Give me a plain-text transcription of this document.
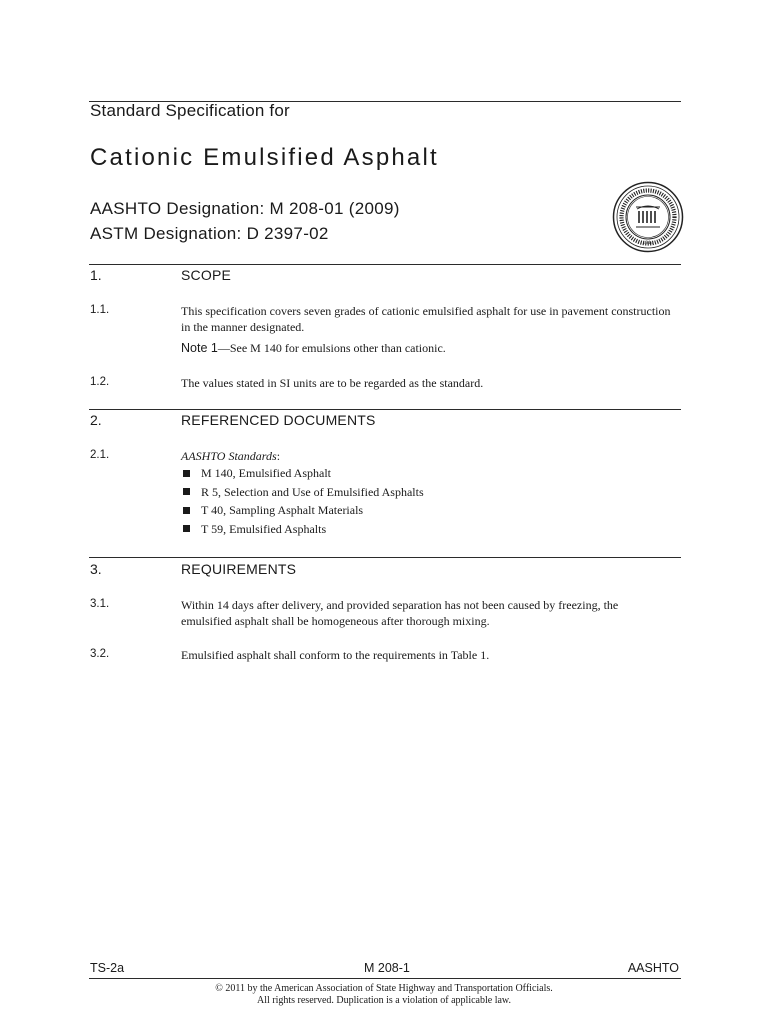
Standard Specification for
Cationic Emulsified Asphalt
AASHTO Designation: M 208-01 (2009)
ASTM Designation: D 2397-02	1914
1.	SCOPE
1.1.	This specification covers seven grades of cationic emulsified asphalt for use in pavement construction in the manner designated.
Note 1—See M 140 for emulsions other than cationic.
1.2.	The values stated in SI units are to be regarded as the standard.
2.	REFERENCED DOCUMENTS
2.1.	AASHTO Standards:
M 140, Emulsified Asphalt
R 5, Selection and Use of Emulsified Asphalts
T 40, Sampling Asphalt Materials
T 59, Emulsified Asphalts
3.	REQUIREMENTS
3.1.	Within 14 days after delivery, and provided separation has not been caused by freezing, the emulsified asphalt shall be homogeneous after thorough mixing.
3.2.	Emulsified asphalt shall conform to the requirements in Table 1.
TS-2a	M 208-1	AASHTO
© 2011 by the American Association of State Highway and Transportation Officials.
All rights reserved. Duplication is a violation of applicable law.
